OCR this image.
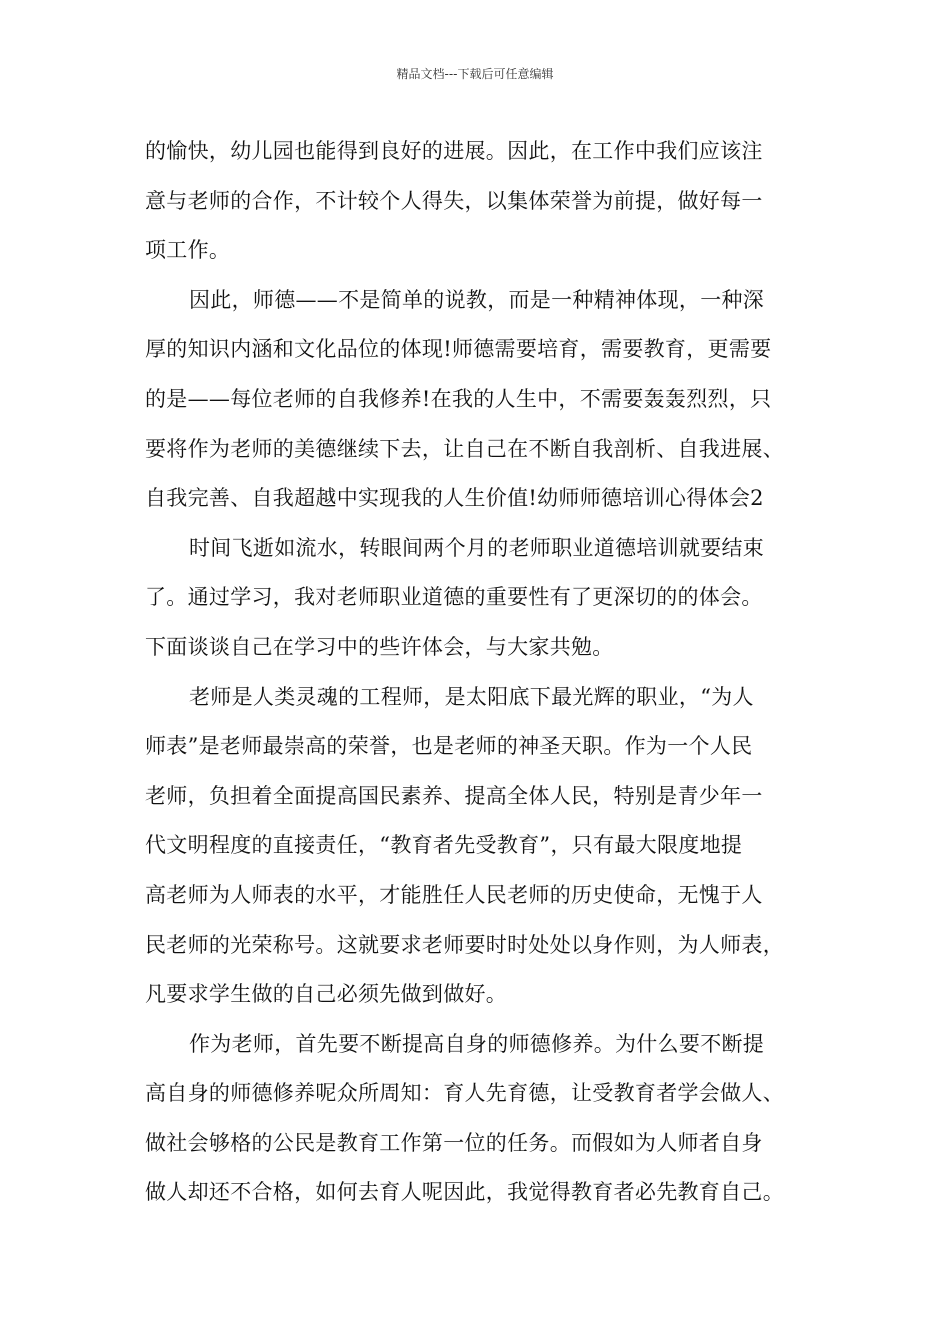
精品文档---下载后可任意编辑
的愉快，幼儿园也能得到良好的进展。因此，在工作中我们应该注
意与老师的合作，不计较个人得失，以集体荣誉为前提，做好每一
项工作。
因此，师德——不是简单的说教，而是一种精神体现，一种深
厚的知识内涵和文化品位的体现!师德需要培育，需要教育，更需要
的是——每位老师的自我修养!在我的人生中，不需要轰轰烈烈，只
要将作为老师的美德继续下去，让自己在不断自我剖析、自我进展、
自我完善、自我超越中实现我的人生价值!幼师师德培训心得体会2
时间飞逝如流水，转眼间两个月的老师职业道德培训就要结束
了。通过学习，我对老师职业道德的重要性有了更深切的的体会。
下面谈谈自己在学习中的些许体会，与大家共勉。
老师是人类灵魂的工程师，是太阳底下最光辉的职业，“为人
师表”是老师最崇高的荣誉，也是老师的神圣天职。作为一个人民
老师，负担着全面提高国民素养、提高全体人民，特别是青少年一
代文明程度的直接责任，“教育者先受教育”，只有最大限度地提
高老师为人师表的水平，才能胜任人民老师的历史使命，无愧于人
民老师的光荣称号。这就要求老师要时时处处以身作则，为人师表，
凡要求学生做的自己必须先做到做好。
作为老师，首先要不断提高自身的师德修养。为什么要不断提
高自身的师德修养呢众所周知：育人先育德，让受教育者学会做人、
做社会够格的公民是教育工作第一位的任务。而假如为人师者自身
做人却还不合格，如何去育人呢因此，我觉得教育者必先教育自己。
